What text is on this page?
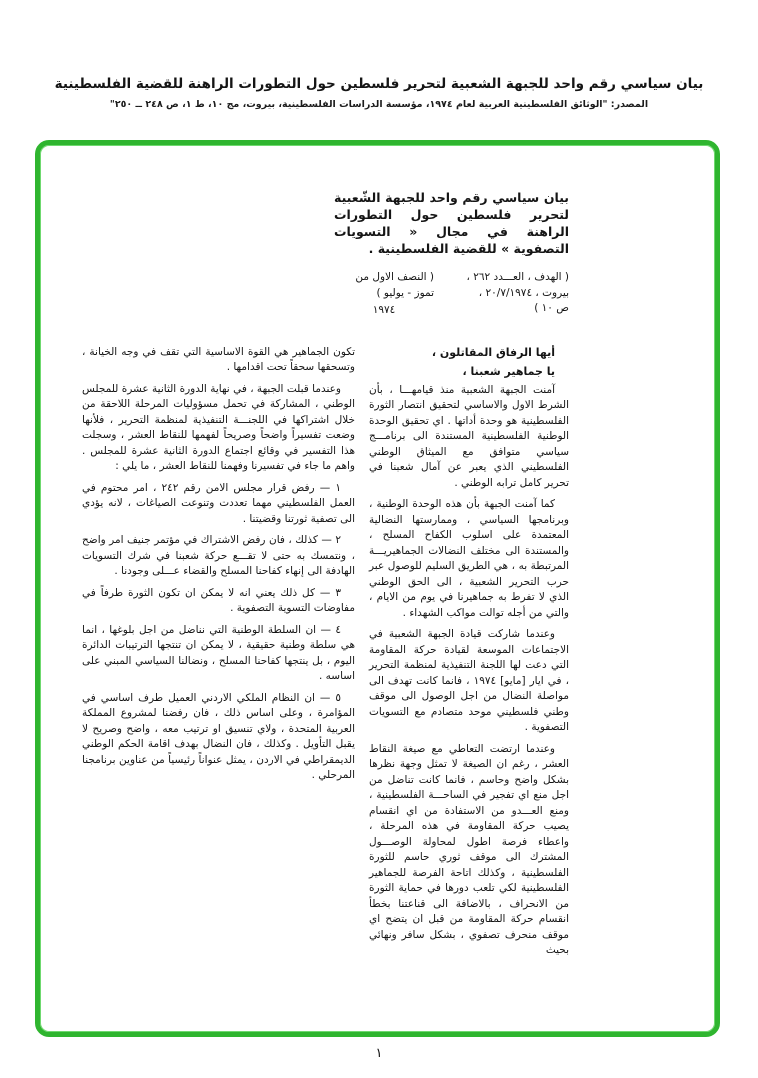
بيان سياسي رقم واحد للجبهة الشعبية لتحرير فلسطين حول التطورات الراهنة للقضية الفلسطينية
المصدر: "الوثائق الفلسطينية العربية لعام ١٩٧٤، مؤسسة الدراسات الفلسطينية، بيروت، مج ١٠، ط ١، ص ٢٤٨ ــ ٢٥٠"
بيان سياسي رقم واحد للجبهة الشّعبية لتحرير فلسطين حول التطورات الراهنة في مجال « التسويات التصفوية » للقضية الفلسطينية .
( الهدف ، العـــدد ٢٦٢ ،
بيروت ، ٢٠/٧/١٩٧٤ ،
ص ١٠ )
( النصف الاول من تموز - يوليو )
١٩٧٤

أيها الرفاق المقاتلون ،

يا جماهير شعبنا ،

آمنت الجبهة الشعبية منذ قيامهـــا ، بأن الشرط الاول والاساسي لتحقيق انتصار الثورة الفلسطينية هو وحدة أداتها . اي تحقيق الوحدة الوطنية الفلسطينية المستندة الى برنامـــج سياسي متوافق مع الميثاق الوطني الفلسطيني الذي يعبر عن آمال شعبنا في تحرير كامل ترابه الوطني .

كما آمنت الجبهة بأن هذه الوحدة الوطنية ، وبرنامجها السياسي ، وممارستها النضالية المعتمدة على اسلوب الكفاح المسلح ، والمستندة الى مختلف النضالات الجماهيريـــة المرتبطة به ، هي الطريق السليم للوصول عبر حرب التحرير الشعبية ، الى الحق الوطني الذي لا تفرط به جماهيرنا في يوم من الايام ، والتي من أجله توالت مواكب الشهداء .

وعندما شاركت قيادة الجبهة الشعبية في الاجتماعات الموسعة لقيادة حركة المقاومة التي دعت لها اللجنة التنفيذية لمنظمة التحرير ، في ايار [مايو] ١٩٧٤ ، فانما كانت تهدف الى مواصلة النضال من اجل الوصول الى موقف وطني فلسطيني موحد متصادم مع التسويات التصفوية .

وعندما ارتضت التعاطي مع صيغة النقاط العشر ، رغم ان الصيغة لا تمثل وجهة نظرها بشكل واضح وحاسم ، فانما كانت تناضل من اجل منع اي تفجير في الساحـــة الفلسطينية ، ومنع العـــدو من الاستفادة من اي انقسام يصيب حركة المقاومة في هذه المرحلة ، واعطاء فرصة اطول لمحاولة الوصـــول المشترك الى موقف ثوري حاسم للثورة الفلسطينية ، وكذلك اتاحة الفرصة للجماهير الفلسطينية لكي تلعب دورها في حماية الثورة من الانحراف ، بالاضافة الى قناعتنا بخطأ انقسام حركة المقاومة من قبل ان يتضح اي موقف منحرف تصفوي ، بشكل سافر ونهائي بحيث

تكون الجماهير هي القوة الاساسية التي تقف في وجه الخيانة ، وتسحقها سحقاً تحت اقدامها .

وعندما قبلت الجبهة ، في نهاية الدورة الثانية عشرة للمجلس الوطني ، المشاركة في تحمل مسؤوليات المرحلة اللاحقة من خلال اشتراكها في اللجنـــة التنفيذية لمنظمة التحرير ، فلأنها وضعت تفسيراً واضحاً وصريحاً لفهمها للنقاط العشر ، وسجلت هذا التفسير في وقائع اجتماع الدورة الثانية عشرة للمجلس . واهم ما جاء في تفسيرنا وفهمنا للنقاط العشر ، ما يلي :

١ — رفض قرار مجلس الامن رقم ٢٤٢ ، امر محتوم في العمل الفلسطيني مهما تعددت وتنوعت الصياغات ، لانه يؤدي الى تصفية ثورتنا وقضيتنا .

٢ — كذلك ، فان رفض الاشتراك في مؤتمر جنيف امر واضح ، ونتمسك به حتى لا تقـــع حركة شعبنا في شرك التسويات الهادفة الى إنهاء كفاحنا المسلح والقضاء عـــلى وجودنا .

٣ — كل ذلك يعني انه لا يمكن ان تكون الثورة طرفاً في مفاوضات التسوية التصفوية .

٤ — ان السلطة الوطنية التي نناضل من اجل بلوغها ، انما هي سلطة وطنية حقيقية ، لا يمكن ان تنتجها الترتيبات الدائرة اليوم ، بل ينتجها كفاحنا المسلح ، ونضالنا السياسي المبني على اساسه .

٥ — ان النظام الملكي الاردني العميل طرف اساسي في المؤامرة ، وعلى اساس ذلك ، فان رفضنا لمشروع المملكة العربية المتحدة ، ولاي تنسيق او ترتيب معه ، واضح وصريح لا يقبل التأويل . وكذلك ، فان النضال بهدف اقامة الحكم الوطني الديمقراطي في الاردن ، يمثل عنواناً رئيسياً من عناوين برنامجنا المرحلي .

١
